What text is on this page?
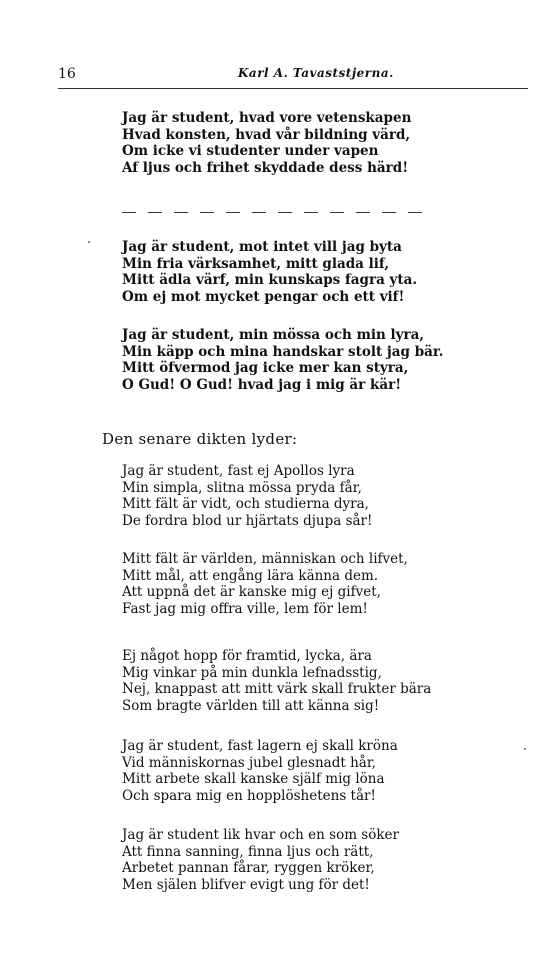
16	Karl A. Tavaststjerna.
Jag är student, hvad vore vetenskapen
Hvad konsten, hvad vår bildning värd,
Om icke vi studenter under vapen
Af ljus och frihet skyddade dess härd!
Jag är student, mot intet vill jag byta
Min fria värksamhet, mitt glada lif,
Mitt ädla värf, min kunskaps fagra yta.
Om ej mot mycket pengar och ett vif!
Jag är student, min mössa och min lyra,
Min käpp och mina handskar stolt jag bär.
Mitt öfvermod jag icke mer kan styra,
O Gud! O Gud! hvad jag i mig är kär!
Den senare dikten lyder:
Jag är student, fast ej Apollos lyra
Min simpla, slitna mössa pryda får,
Mitt fält är vidt, och studierna dyra,
De fordra blod ur hjärtats djupa sår!
Mitt fält är världen, människan och lifvet,
Mitt mål, att engång lära känna dem.
Att uppnå det är kanske mig ej gifvet,
Fast jag mig offra ville, lem för lem!
Ej något hopp för framtid, lycka, ära
Mig vinkar på min dunkla lefnadsstig,
Nej, knappast att mitt värk skall frukter bära
Som bragte världen till att känna sig!
Jag är student, fast lagern ej skall kröna
Vid människornas jubel glesnadt hår,
Mitt arbete skall kanske själf mig löna
Och spara mig en hopplöshetens tår!
Jag är student lik hvar och en som söker
Att finna sanning, finna ljus och rätt,
Arbetet pannan fårar, ryggen kröker,
Men själen blifver evigt ung för det!
